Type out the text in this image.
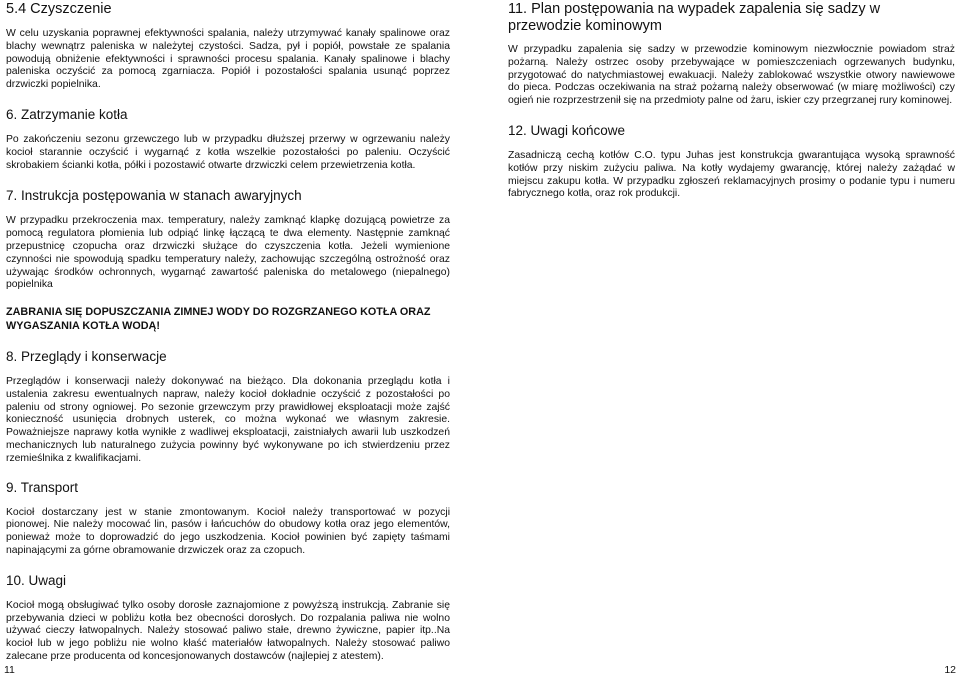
5.4 Czyszczenie

W celu uzyskania poprawnej efektywności spalania, należy utrzymywać kanały spalinowe oraz blachy wewnątrz paleniska w należytej czystości. Sadza, pył i popiół, powstałe ze spalania powodują obniżenie efektywności i sprawności procesu spalania. Kanały spalinowe i blachy paleniska oczyścić za pomocą zgarniacza. Popiół i pozostałości spalania usunąć poprzez drzwiczki popielnika.

6. Zatrzymanie kotła

Po zakończeniu sezonu grzewczego lub w przypadku dłuższej przerwy w ogrzewaniu należy kocioł starannie oczyścić i wygarnąć z kotła wszelkie pozostałości po paleniu. Oczyścić skrobakiem ścianki kotła, półki i pozostawić otwarte drzwiczki celem przewietrzenia kotła.

7. Instrukcja postępowania w stanach awaryjnych

W przypadku przekroczenia max. temperatury, należy zamknąć klapkę dozującą powietrze za pomocą regulatora płomienia lub odpiąć linkę łączącą te dwa elementy. Następnie zamknąć przepustnicę czopucha oraz drzwiczki służące do czyszczenia kotła. Jeżeli wymienione czynności nie spowodują spadku temperatury należy, zachowując szczególną ostrożność oraz używając środków ochronnych, wygarnąć zawartość paleniska do metalowego (niepalnego) popielnika

ZABRANIA SIĘ DOPUSZCZANIA ZIMNEJ WODY DO ROZGRZANEGO KOTŁA ORAZ WYGASZANIA KOTŁA WODĄ!

8. Przeglądy i konserwacje

Przeglądów i konserwacji należy dokonywać na bieżąco. Dla dokonania przeglądu kotła i ustalenia zakresu ewentualnych napraw, należy kocioł dokładnie oczyścić z pozostałości po paleniu od strony ogniowej. Po sezonie grzewczym przy prawidłowej eksploatacji może zajść konieczność usunięcia drobnych usterek, co można wykonać we własnym zakresie. Poważniejsze naprawy kotła wynikłe z wadliwej eksploatacji, zaistniałych awarii lub uszkodzeń mechanicznych lub naturalnego zużycia powinny być wykonywane po ich stwierdzeniu przez rzemieślnika z kwalifikacjami.

9. Transport

Kocioł dostarczany jest w stanie zmontowanym. Kocioł należy transportować w pozycji pionowej. Nie należy mocować lin, pasów i łańcuchów do obudowy kotła oraz jego elementów, ponieważ może to doprowadzić do jego uszkodzenia. Kocioł powinien być zapięty taśmami napinającymi za górne obramowanie drzwiczek oraz za czopuch.

10. Uwagi

Kocioł mogą obsługiwać tylko osoby dorosłe zaznajomione z powyższą instrukcją. Zabranie się przebywania dzieci w pobliżu kotła bez obecności dorosłych. Do rozpalania paliwa nie wolno używać cieczy łatwopalnych. Należy stosować paliwo stałe, drewno żywiczne, papier itp..Na kocioł lub w jego pobliżu nie wolno kłaść materiałów łatwopalnych. Należy stosować paliwo zalecane prze producenta od koncesjonowanych dostawców (najlepiej z atestem).

11. Plan postępowania na wypadek zapalenia się sadzy w przewodzie kominowym

W przypadku zapalenia się sadzy w przewodzie kominowym niezwłocznie powiadom straż pożarną. Należy ostrzec osoby przebywające w pomieszczeniach ogrzewanych budynku, przygotować do natychmiastowej ewakuacji. Należy zablokować wszystkie otwory nawiewowe do pieca. Podczas oczekiwania na straż pożarną należy obserwować (w miarę możliwości) czy ogień nie rozprzestrzenił się na przedmioty palne od żaru, iskier czy przegrzanej rury kominowej.

12. Uwagi końcowe

Zasadniczą cechą kotłów C.O. typu Juhas jest konstrukcja gwarantująca wysoką sprawność kotłów przy niskim zużyciu paliwa. Na kotły wydajemy gwarancję, której należy zażądać w miejscu zakupu kotła. W przypadku zgłoszeń reklamacyjnych prosimy o podanie typu i numeru fabrycznego kotła, oraz rok produkcji.

11	12
